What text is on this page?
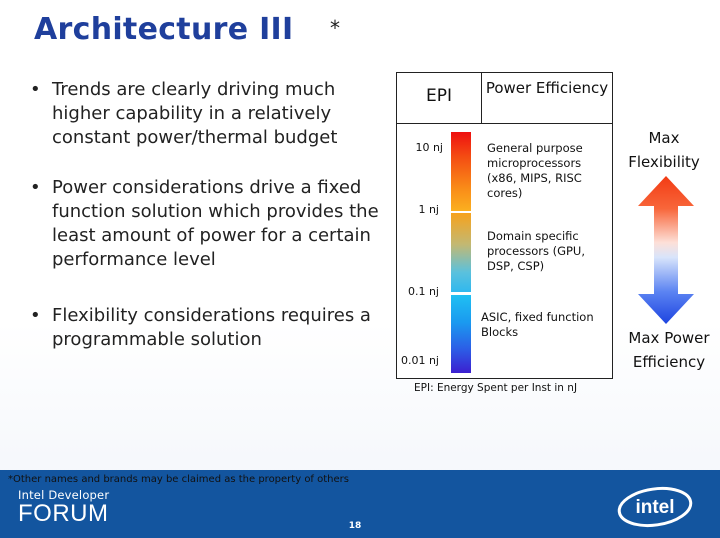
Architecture III *
• Trends are clearly driving much higher capability in a relatively constant power/thermal budget
• Power considerations drive a fixed function solution which provides the least amount of power for a certain performance level
• Flexibility considerations requires a programmable solution
EPI	Power Efficiency
10 nj
1 nj
0.1 nj
0.01 nj
General purpose microprocessors (x86, MIPS, RISC cores)
Domain specific processors (GPU, DSP, CSP)
ASIC, fixed function Blocks
EPI: Energy Spent per Inst in nJ
Max Flexibility
Max Power Efficiency
*Other names and brands may be claimed as the property of others
Intel Developer
FORUM	18
intel
